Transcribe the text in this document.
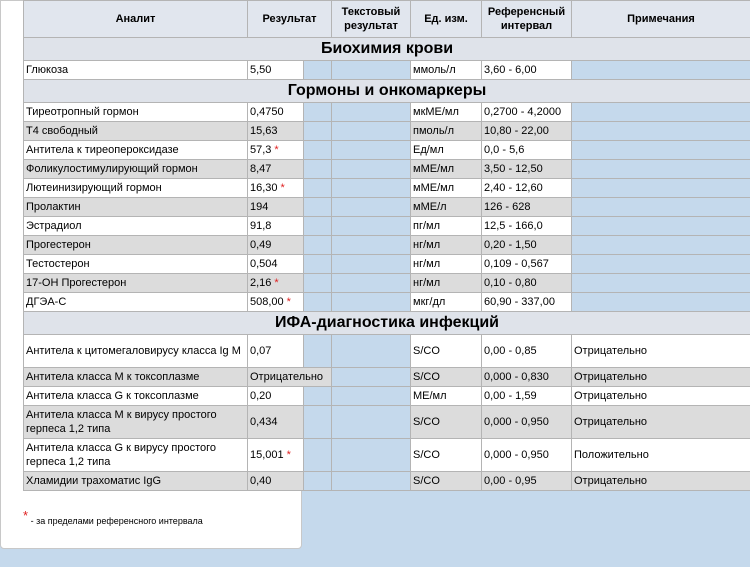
Аналит	Результат		Текстовый результат	Ед. изм.	Референсный интервал	Примечания
Биохимия крови						
Глюкоза	5,50			ммоль/л	3,60 - 6,00	
Гормоны и онкомаркеры						
Тиреотропный гормон	0,4750			мкМЕ/мл	0,2700 - 4,2000	
Т4 свободный	15,63			пмоль/л	10,80 - 22,00	
Антитела к тиреопероксидазе	57,3 *			Ед/мл	0,0 - 5,6	
Фоликулостимулирующий гормон	8,47			мМЕ/мл	3,50 - 12,50	
Лютеинизирующий гормон	16,30 *			мМЕ/мл	2,40 - 12,60	
Пролактин	194			мМЕ/л	126 - 628	
Эстрадиол	91,8			пг/мл	12,5 - 166,0	
Прогестерон	0,49			нг/мл	0,20 - 1,50	
Тестостерон	0,504			нг/мл	0,109 - 0,567	
17-ОН Прогестерон	2,16 *			нг/мл	0,10 - 0,80	
ДГЭА-С	508,00 *			мкг/дл	60,90 - 337,00	
ИФА-диагностика инфекций						
Антитела к цитомегаловирусу класса Ig M	0,07			S/CO	0,00 - 0,85	Отрицательно
Антитела класса М к токсоплазме	Отрицательно			S/CO	0,000 - 0,830	Отрицательно
Антитела класса G к токсоплазме	0,20			МЕ/мл	0,00 - 1,59	Отрицательно
Антитела класса М к вирусу простого герпеса 1,2 типа	0,434			S/CO	0,000 - 0,950	Отрицательно
Антитела класса G к вирусу простого герпеса 1,2 типа	15,001 *			S/CO	0,000 - 0,950	Положительно
Хламидии трахоматис IgG	0,40			S/CO	0,00 - 0,95	Отрицательно
* - за пределами референсного интервала
